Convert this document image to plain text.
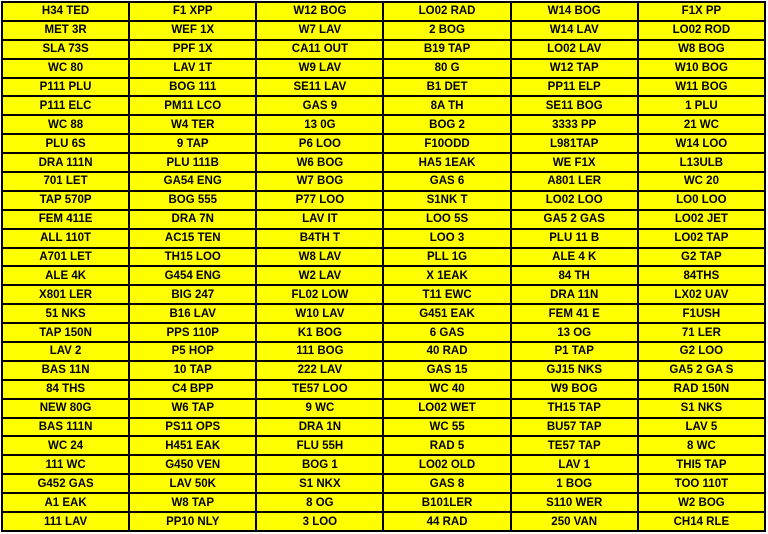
H34 TED	F1 XPP	W12 BOG	LO02 RAD	W14 BOG	F1X PP
MET 3R	WEF 1X	W7 LAV	2 BOG	W14 LAV	LO02 ROD
SLA 73S	PPF 1X	CA11 OUT	B19 TAP	LO02 LAV	W8 BOG
WC 80	LAV 1T	W9 LAV	80 G	W12 TAP	W10 BOG
P111 PLU	BOG 111	SE11 LAV	B1 DET	PP11 ELP	W11 BOG
P111 ELC	PM11 LCO	GAS 9	8A TH	SE11 BOG	1 PLU
WC 88	W4 TER	13 0G	BOG 2	3333 PP	21 WC
PLU 6S	9 TAP	P6 LOO	F10ODD	L981TAP	W14 LOO
DRA 111N	PLU 111B	W6 BOG	HA5 1EAK	WE F1X	L13ULB
701 LET	GA54 ENG	W7 BOG	GAS 6	A801 LER	WC 20
TAP 570P	BOG 555	P77 LOO	S1NK T	LO02 LOO	LO0 LOO
FEM 411E	DRA 7N	LAV IT	LOO 5S	GA5 2 GAS	LO02 JET
ALL 110T	AC15 TEN	B4TH T	LOO 3	PLU 11 B	LO02 TAP
A701 LET	TH15 LOO	W8 LAV	PLL 1G	ALE 4 K	G2 TAP
ALE 4K	G454 ENG	W2 LAV	X 1EAK	84 TH	84THS
X801 LER	BIG 247	FL02 LOW	T11 EWC	DRA 11N	LX02 UAV
51 NKS	B16 LAV	W10 LAV	G451 EAK	FEM 41 E	F1USH
TAP 150N	PPS 110P	K1 BOG	6 GAS	13 OG	71 LER
LAV 2	P5 HOP	111 BOG	40 RAD	P1 TAP	G2 LOO
BAS 11N	10 TAP	222 LAV	GAS 15	GJ15 NKS	GA5 2 GA S
84 THS	C4 BPP	TE57 LOO	WC 40	W9 BOG	RAD 150N
NEW 80G	W6 TAP	9 WC	LO02 WET	TH15 TAP	S1 NKS
BAS 111N	PS11 OPS	DRA 1N	WC 55	BU57 TAP	LAV 5
WC 24	H451 EAK	FLU 55H	RAD 5	TE57 TAP	8 WC
111 WC	G450 VEN	BOG 1	LO02 OLD	LAV 1	THI5 TAP
G452 GAS	LAV 50K	S1 NKX	GAS 8	1 BOG	TOO 110T
A1 EAK	W8 TAP	8 OG	B101LER	S110 WER	W2 BOG
111 LAV	PP10 NLY	3 LOO	44 RAD	250 VAN	CH14 RLE
